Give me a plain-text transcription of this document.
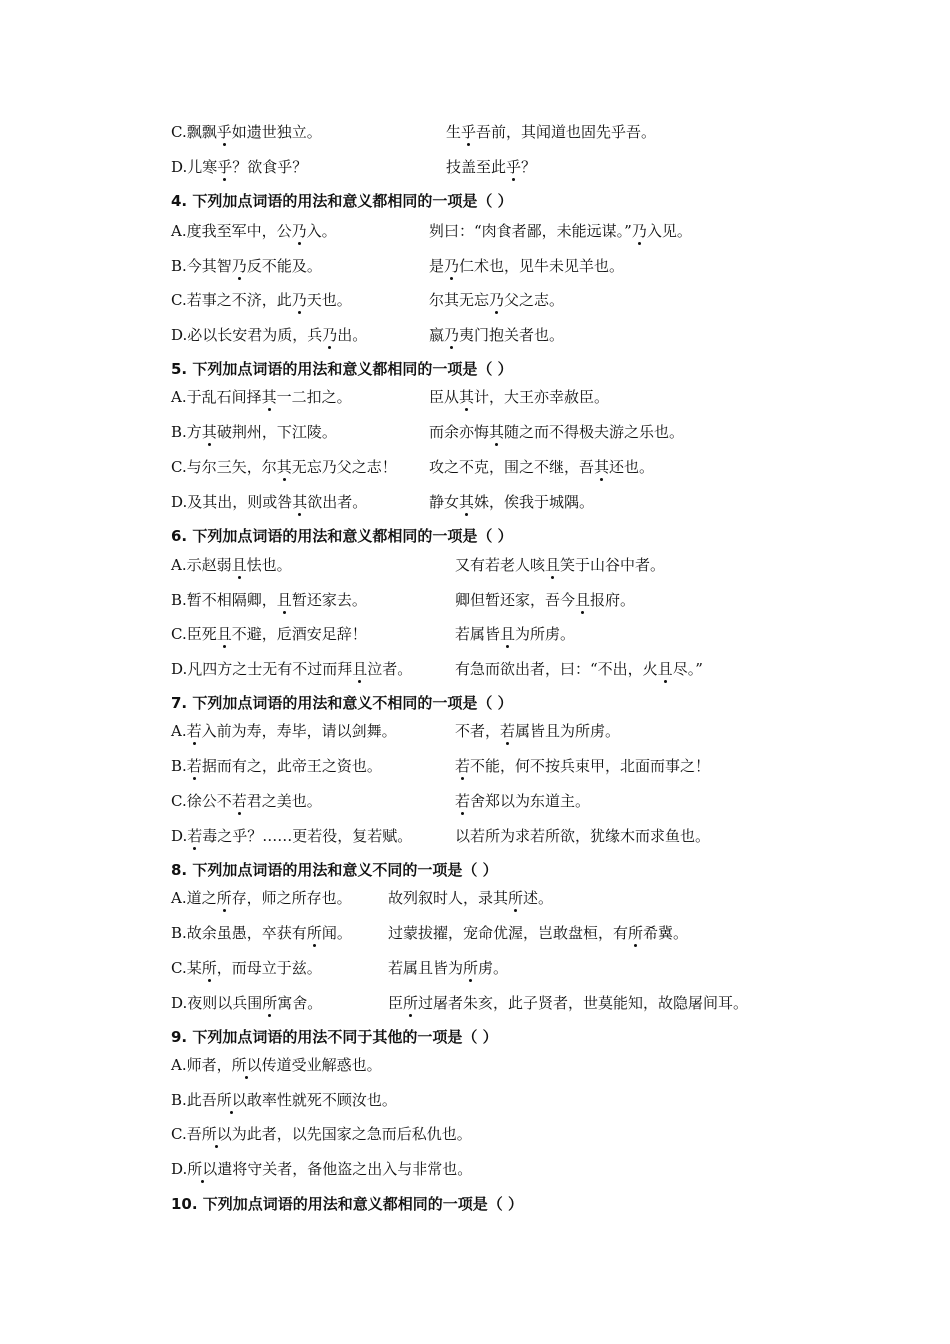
C.飘飘乎如遗世独立。	生乎吾前，其闻道也固先乎吾。
D.儿寒乎？欲食乎？	技盖至此乎？
4. 下列加点词语的用法和意义都相同的一项是（ ）
A.度我至军中，公乃入。	刿曰：“肉食者鄙，未能远谋。”乃入见。
B.今其智乃反不能及。	是乃仁术也，见牛未见羊也。
C.若事之不济，此乃天也。	尔其无忘乃父之志。
D.必以长安君为质，兵乃出。	嬴乃夷门抱关者也。
5. 下列加点词语的用法和意义都相同的一项是（ ）
A.于乱石间择其一二扣之。	臣从其计，大王亦幸赦臣。
B.方其破荆州，下江陵。	而余亦悔其随之而不得极夫游之乐也。
C.与尔三矢，尔其无忘乃父之志！ 攻之不克，围之不继，吾其还也。
D.及其出，则或咎其欲出者。	静女其姝，俟我于城隅。
6. 下列加点词语的用法和意义都相同的一项是（ ）
A.示赵弱且怯也。	又有若老人咳且笑于山谷中者。
B.暂不相隔卿，且暂还家去。	卿但暂还家，吾今且报府。
C.臣死且不避，卮酒安足辞！	若属皆且为所虏。
D.凡四方之士无有不过而拜且泣者。	有急而欲出者，曰：“不出，火且尽。”
7. 下列加点词语的用法和意义不相同的一项是（ ）
A.若入前为寿，寿毕，请以剑舞。	不者，若属皆且为所虏。
B.若据而有之，此帝王之资也。	若不能，何不按兵束甲，北面而事之！
C.徐公不若君之美也。	若舍郑以为东道主。
D.若毒之乎？……更若役，复若赋。	以若所为求若所欲，犹缘木而求鱼也。
8. 下列加点词语的用法和意义不同的一项是（ ）
A.道之所存，师之所存也。 故列叙时人，录其所述。
B.故余虽愚，卒获有所闻。 过蒙拔擢，宠命优渥，岂敢盘桓，有所希冀。
C.某所，而母立于兹。	若属且皆为所虏。
D.夜则以兵围所寓舍。	臣所过屠者朱亥，此子贤者，世莫能知，故隐屠间耳。
9. 下列加点词语的用法不同于其他的一项是（ ）
A.师者，所以传道受业解惑也。
B.此吾所以敢率性就死不顾汝也。
C.吾所以为此者，以先国家之急而后私仇也。
D.所以遣将守关者，备他盗之出入与非常也。
10. 下列加点词语的用法和意义都相同的一项是（ ）
